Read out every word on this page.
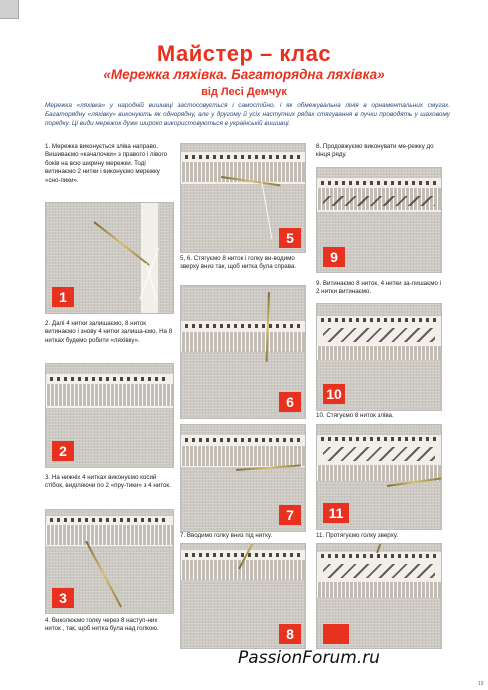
Майстер – клас
«Мережка ляхівка. Багаторядна ляхівка»
від Лесі Демчук
Мережка «ляхівка» у народній вишивці застосовується і самостійно, і як обмежувальна лінія в орнаментальних смугах. Багаторядну «ляхівку» виконують як однорядну, але у другому й усіх наступних рядах стягування в пучки проводять у шаховому порядку. Ці види мережок дуже широко використовуються в українській вишивці.
1. Мережка виконується зліва направо. Вишиваємо «качалочки» з правого і лівого боків на всю ширину мережки. Тоді витинаємо 2 нитки і виконуємо мережку «сно-пики».
1
2. Далі 4 нитки залишаємо, 8 ниток витинаємо і знову 4 нитки залиша-ємо. На 8 нитках будемо робити «ляхівку».
2
3. На нижніх 4 нитках виконуємо косий стібок, виділяючи по 2 «пру-тики» з 4 ниток.
3
4. Виколюємо голку через 8 наступ-них ниток , так, щоб нитка була над голкою.
5
5, 6. Стягуємо 8 ниток і голку ви-водимо зверху вниз так, щоб нитка була справа.
6
7
7. Вводимо голку вниз під нитку.
8
8. Продовжуємо виконувати ме-режку до кінця ряду.
9
9. Витинаємо 8 ниток, 4 нитки за-лишаємо і 2 нитки витинаємо.
10
10. Стягуємо 8 ниток зліва.
11
11. Протягуємо голку зверху.
PassionForum.ru
19
